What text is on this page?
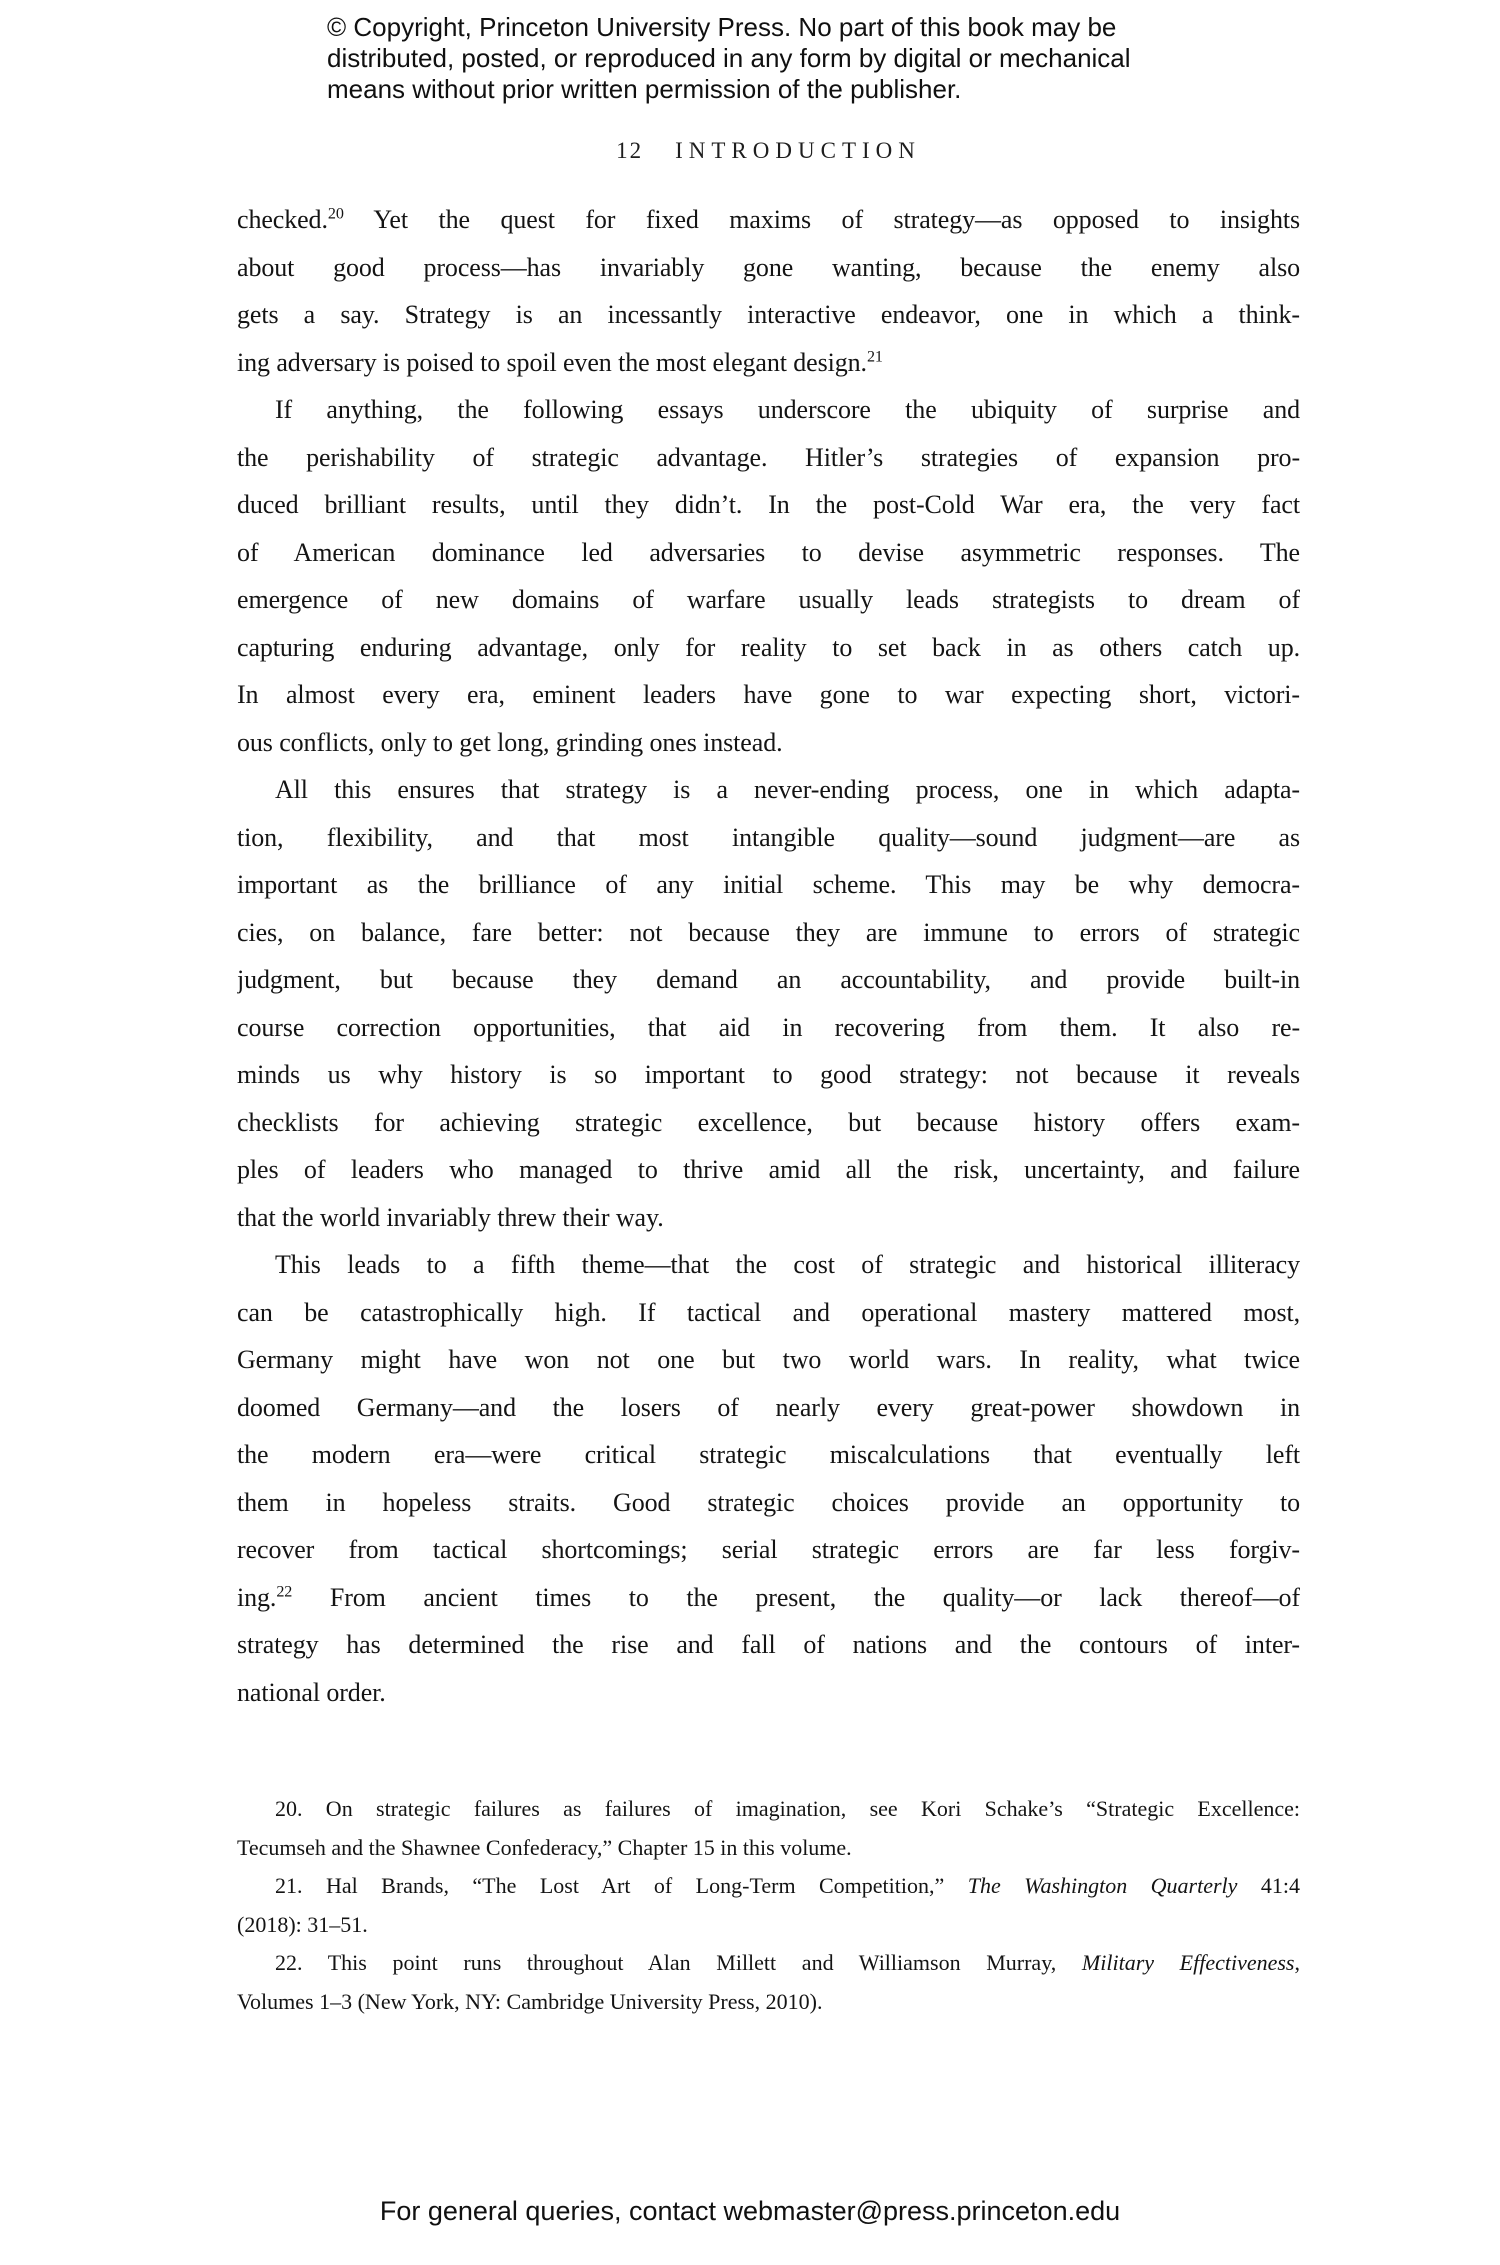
© Copyright, Princeton University Press. No part of this book may be
distributed, posted, or reproduced in any form by digital or mechanical
means without prior written permission of the publisher.
12 INTRODUCTION
checked.$^{20}$ Yet the quest for fixed maxims of strategy—as opposed to insights
about good process—has invariably gone wanting, because the enemy also
gets a say. Strategy is an incessantly interactive endeavor, one in which a think-
ing adversary is poised to spoil even the most elegant design.$^{21}$
If anything, the following essays underscore the ubiquity of surprise and
the perishability of strategic advantage. Hitler’s strategies of expansion pro-
duced brilliant results, until they didn’t. In the post-Cold War era, the very fact
of American dominance led adversaries to devise asymmetric responses. The
emergence of new domains of warfare usually leads strategists to dream of
capturing enduring advantage, only for reality to set back in as others catch up.
In almost every era, eminent leaders have gone to war expecting short, victori-
ous conflicts, only to get long, grinding ones instead.
All this ensures that strategy is a never-ending process, one in which adapta-
tion, flexibility, and that most intangible quality—sound judgment—are as
important as the brilliance of any initial scheme. This may be why democra-
cies, on balance, fare better: not because they are immune to errors of strategic
judgment, but because they demand an accountability, and provide built-in
course correction opportunities, that aid in recovering from them. It also re-
minds us why history is so important to good strategy: not because it reveals
checklists for achieving strategic excellence, but because history offers exam-
ples of leaders who managed to thrive amid all the risk, uncertainty, and failure
that the world invariably threw their way.
This leads to a fifth theme—that the cost of strategic and historical illiteracy
can be catastrophically high. If tactical and operational mastery mattered most,
Germany might have won not one but two world wars. In reality, what twice
doomed Germany—and the losers of nearly every great-power showdown in
the modern era—were critical strategic miscalculations that eventually left
them in hopeless straits. Good strategic choices provide an opportunity to
recover from tactical shortcomings; serial strategic errors are far less forgiv-
ing.$^{22}$ From ancient times to the present, the quality—or lack thereof—of
strategy has determined the rise and fall of nations and the contours of inter-
national order.
20. On strategic failures as failures of imagination, see Kori Schake’s “Strategic Excellence:
Tecumseh and the Shawnee Confederacy,” Chapter 15 in this volume.
21. Hal Brands, “The Lost Art of Long-Term Competition,” The Washington Quarterly 41:4
(2018): 31–51.
22. This point runs throughout Alan Millett and Williamson Murray, Military Effectiveness,
Volumes 1–3 (New York, NY: Cambridge University Press, 2010).
For general queries, contact webmaster@press.princeton.edu
